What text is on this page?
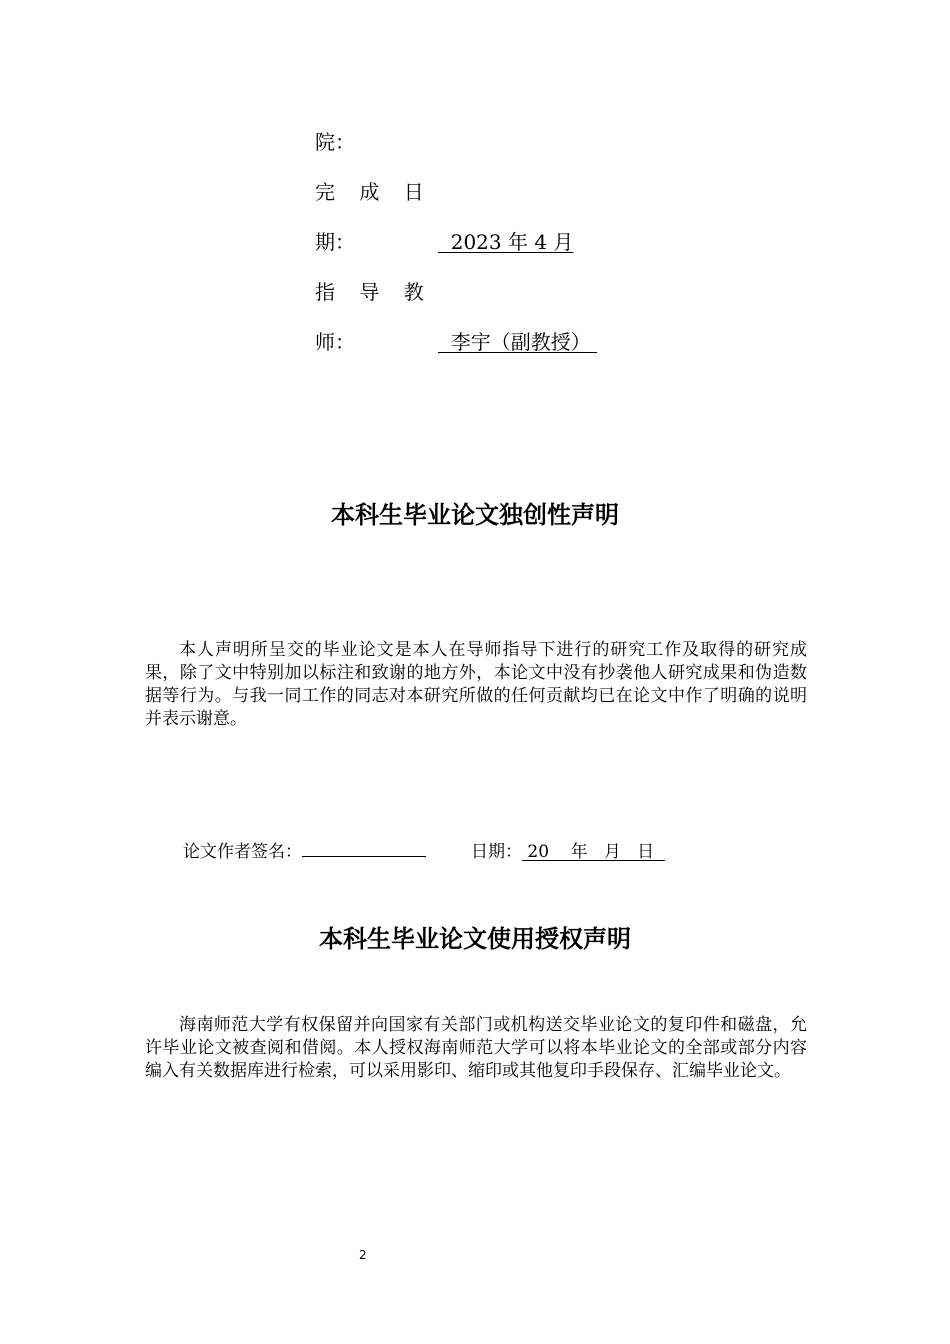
院：
完 成 日
期：	2023 年 4 月
指 导 教
师：	李宇（副教授）
本科生毕业论文独创性声明
本人声明所呈交的毕业论文是本人在导师指导下进行的研究工作及取得的研究成果，除了文中特别加以标注和致谢的地方外，本论文中没有抄袭他人研究成果和伪造数据等行为。与我一同工作的同志对本研究所做的任何贡献均已在论文中作了明确的说明并表示谢意。
论文作者签名：	日期： 20    年   月   日
本科生毕业论文使用授权声明
海南师范大学有权保留并向国家有关部门或机构送交毕业论文的复印件和磁盘，允许毕业论文被查阅和借阅。本人授权海南师范大学可以将本毕业论文的全部或部分内容编入有关数据库进行检索，可以采用影印、缩印或其他复印手段保存、汇编毕业论文。
2
